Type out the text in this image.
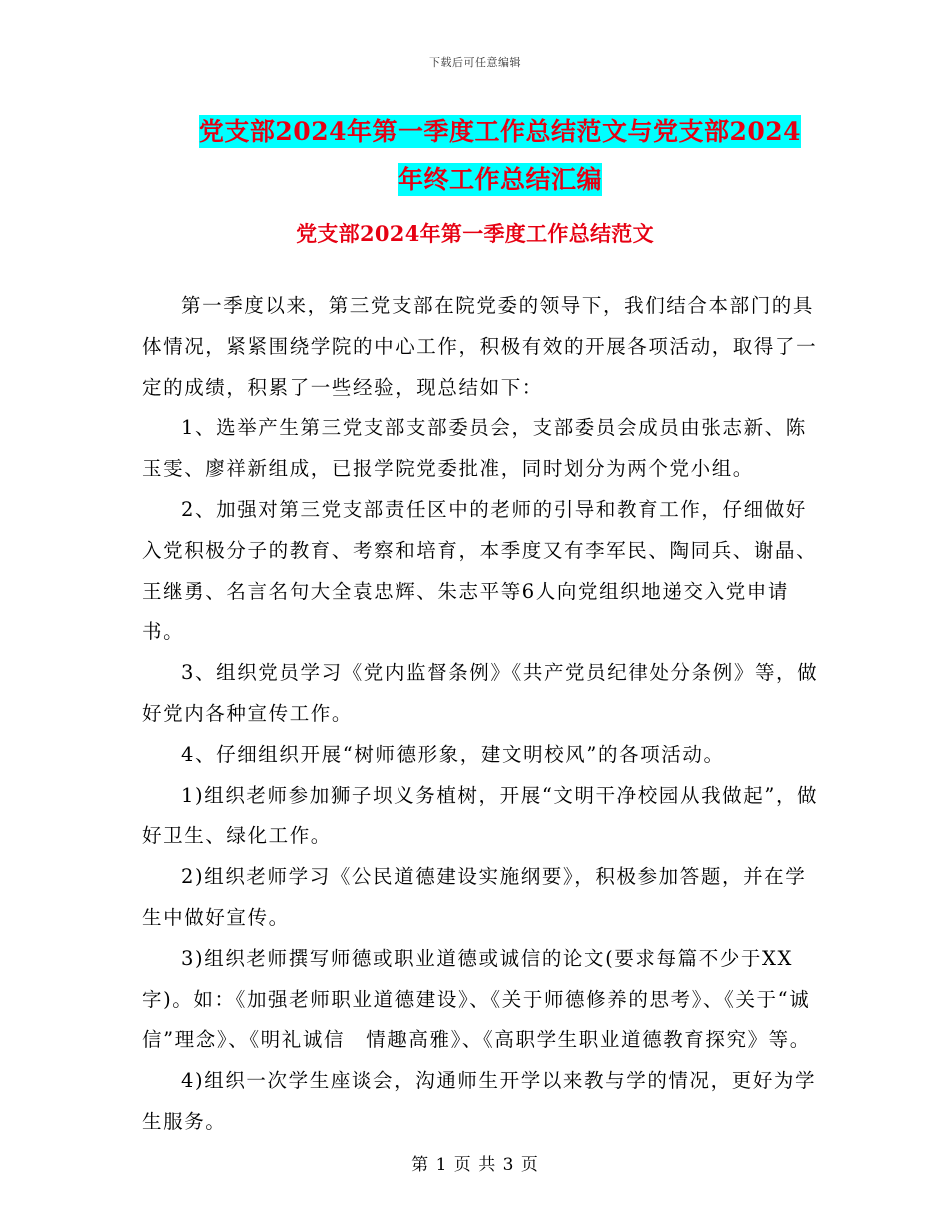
下载后可任意编辑
党支部2024年第一季度工作总结范文与党支部2024
年终工作总结汇编
党支部2024年第一季度工作总结范文

第一季度以来，第三党支部在院党委的领导下，我们结合本部门的具体情况，紧紧围绕学院的中心工作，积极有效的开展各项活动，取得了一定的成绩，积累了一些经验，现总结如下：

1、选举产生第三党支部支部委员会，支部委员会成员由张志新、陈玉雯、廖祥新组成，已报学院党委批准，同时划分为两个党小组。

2、加强对第三党支部责任区中的老师的引导和教育工作，仔细做好入党积极分子的教育、考察和培育，本季度又有李军民、陶同兵、谢晶、王继勇、名言名句大全袁忠辉、朱志平等6人向党组织地递交入党申请书。

3、组织党员学习《党内监督条例》《共产党员纪律处分条例》等，做好党内各种宣传工作。

4、仔细组织开展“树师德形象，建文明校风”的各项活动。

1)组织老师参加狮子坝义务植树，开展“文明干净校园从我做起”，做好卫生、绿化工作。

2)组织老师学习《公民道德建设实施纲要》，积极参加答题，并在学生中做好宣传。

3)组织老师撰写师德或职业道德或诚信的论文(要求每篇不少于XX字)。如：《加强老师职业道德建设》、《关于师德修养的思考》、《关于“诚信”理念》、《明礼诚信　情趣高雅》、《高职学生职业道德教育探究》等。

4)组织一次学生座谈会，沟通师生开学以来教与学的情况，更好为学生服务。

第 1 页 共 3 页
